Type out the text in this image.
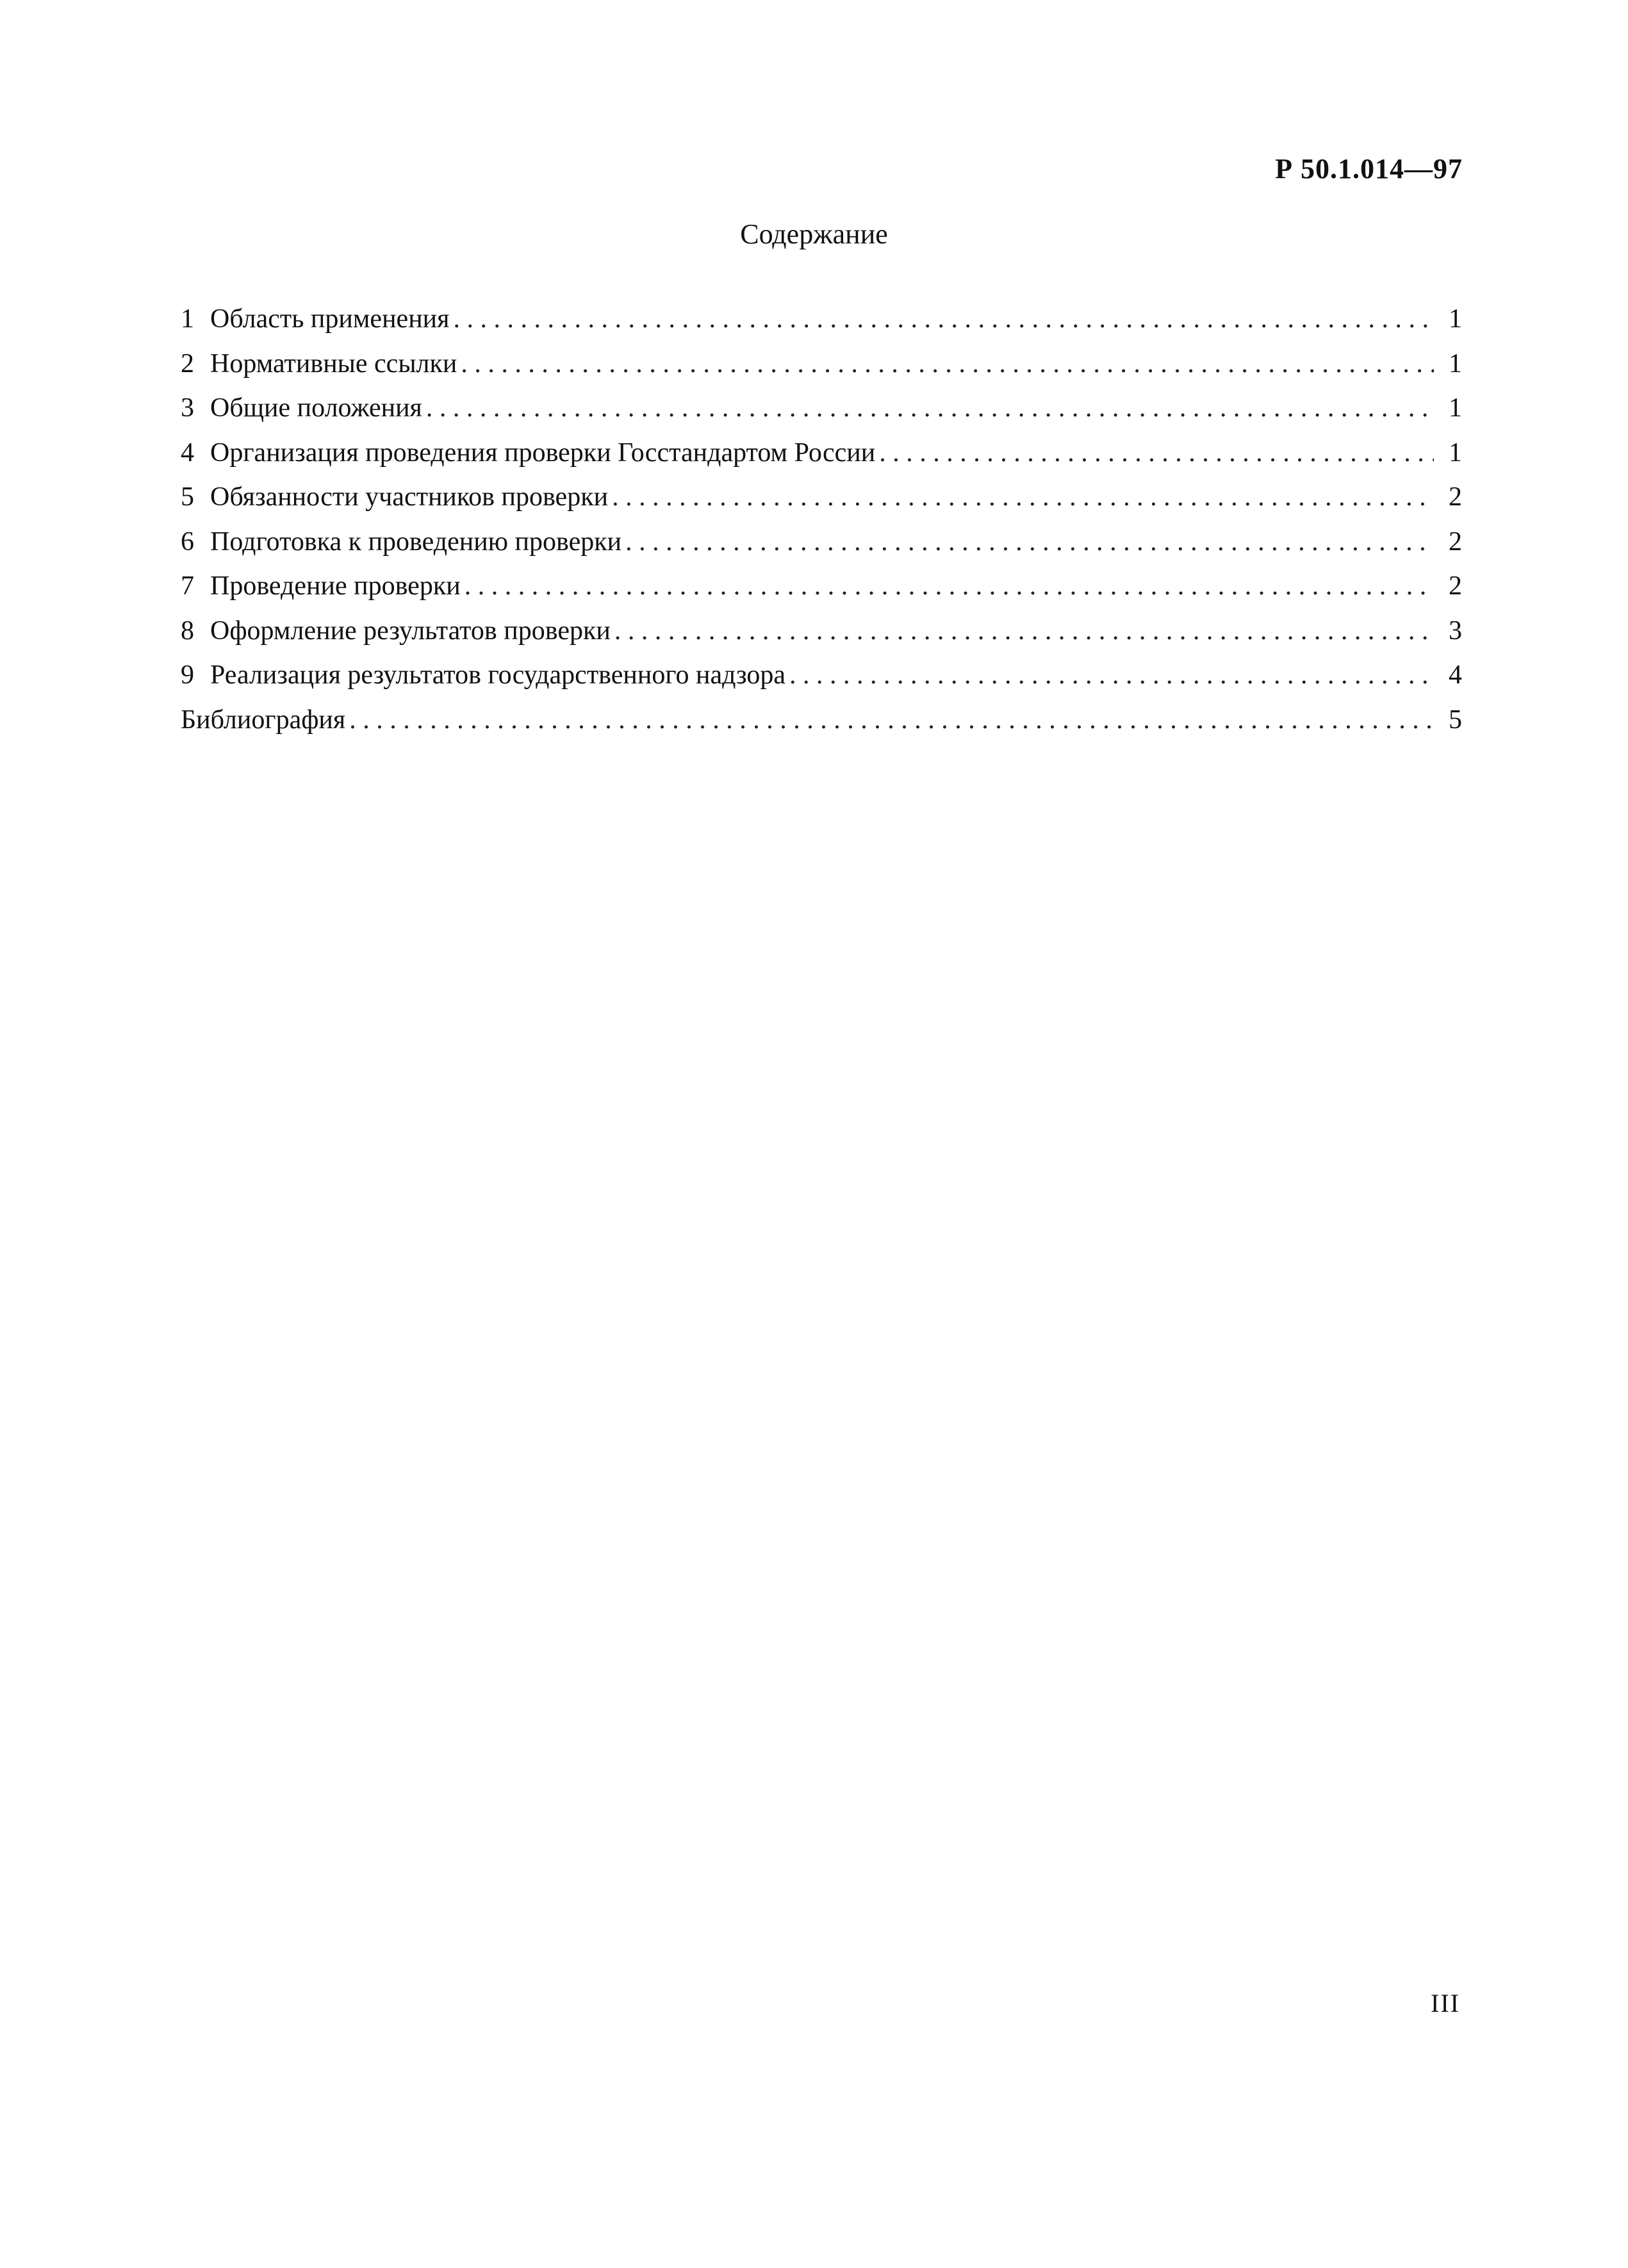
Р 50.1.014—97
Содержание
1 Область применения . . .	1
2 Нормативные ссылки . . .	1
3 Общие положения . . .	1
4 Организация проведения проверки Госстандартом России . . .	1
5 Обязанности участников проверки . . .	2
6 Подготовка к проведению проверки . . .	2
7 Проведение проверки . . .	2
8 Оформление результатов проверки . . .	3
9 Реализация результатов государственного надзора . . .	4
Библиография . . .	5
III
